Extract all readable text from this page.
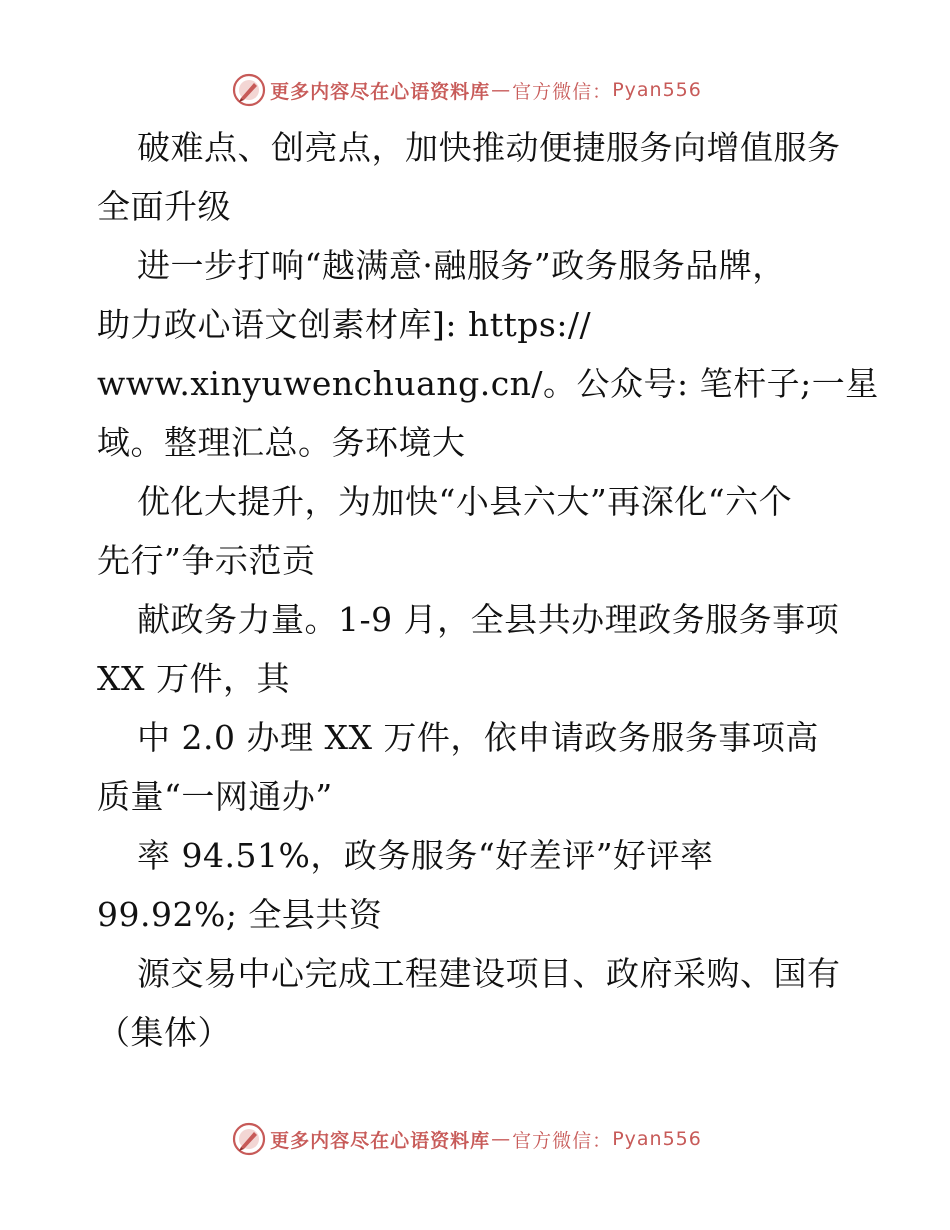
更多内容尽在心语资料库 — 官方微信： Pyan556

破难点、创亮点，加快推动便捷服务向增值服务
全面升级

进一步打响“越满意·融服务”政务服务品牌，
助力政心语文创素材库]: https://
www.xinyuwenchuang.cn/。公众号: 笔杆子;一星
域。整理汇总。务环境大

优化大提升，为加快“小县六大”再深化“六个
先行”争示范贡

献政务力量。1-9 月，全县共办理政务服务事项
XX 万件，其

中 2.0 办理 XX 万件，依申请政务服务事项高
质量“一网通办”

率 94.51%，政务服务“好差评”好评率
99.92%; 全县共资

源交易中心完成工程建设项目、政府采购、国有
（集体）

更多内容尽在心语资料库 — 官方微信： Pyan556
